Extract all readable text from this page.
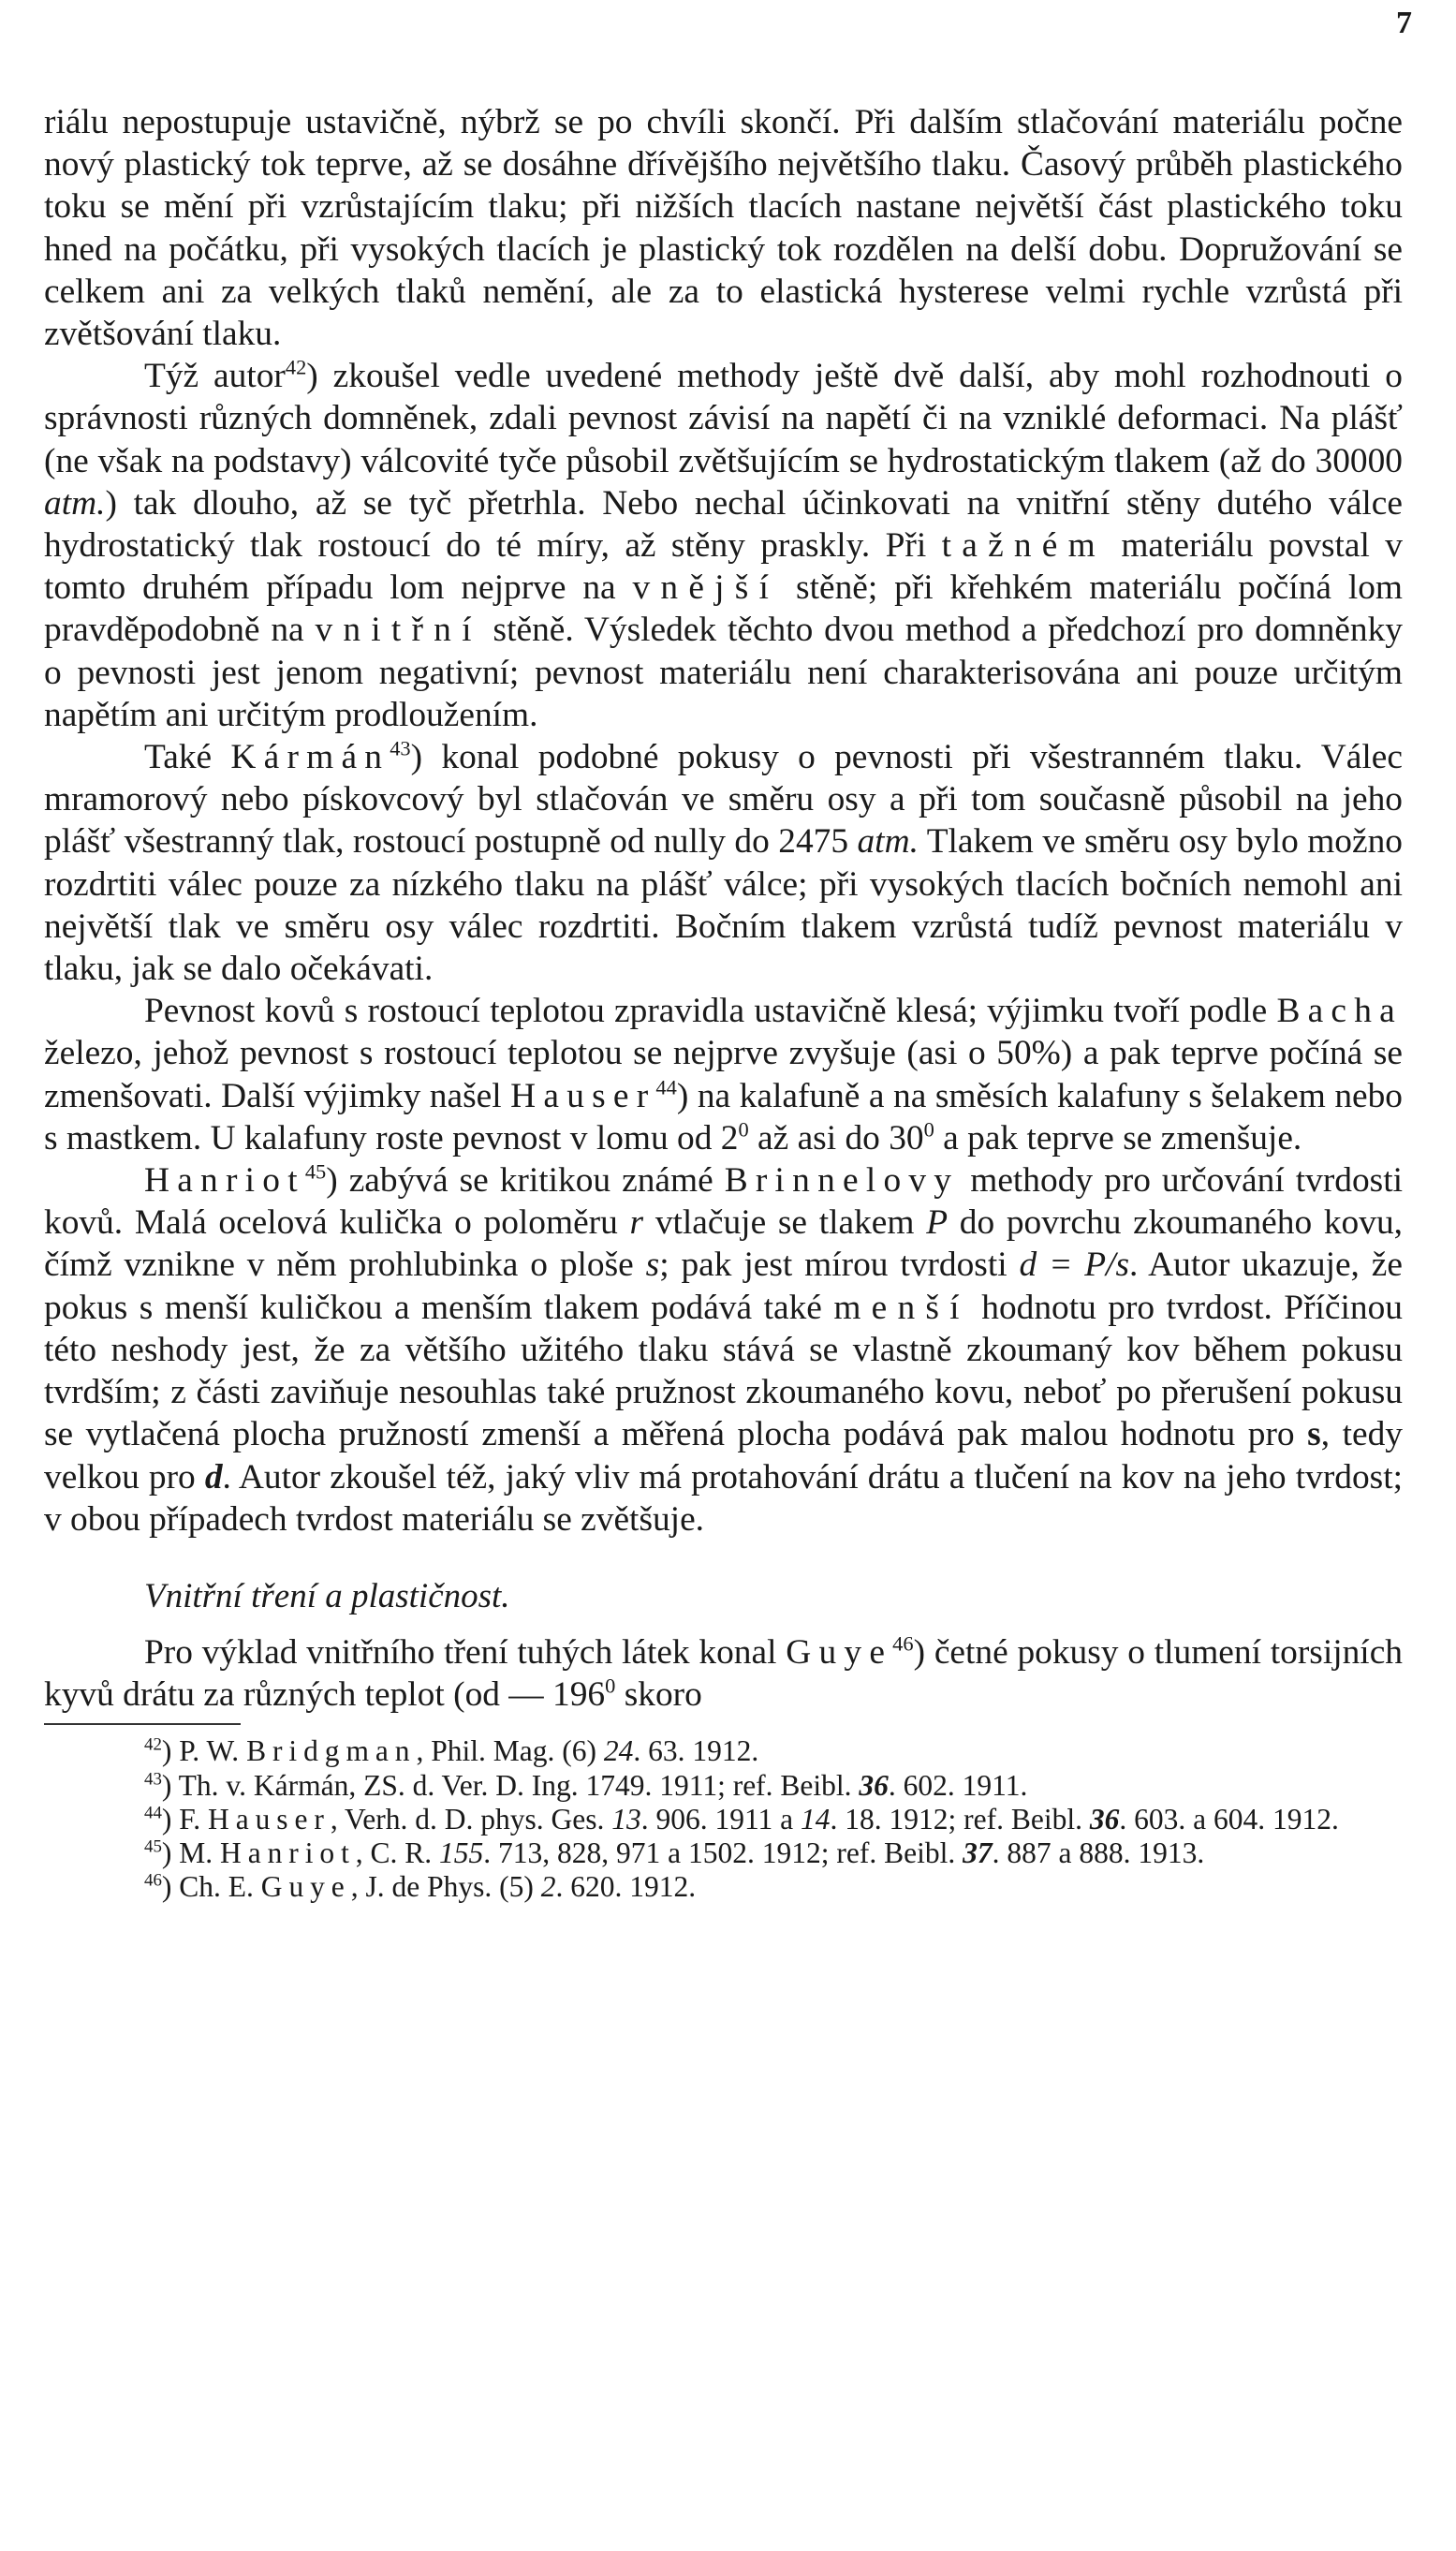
7

riálu nepostupuje ustavičně, nýbrž se po chvíli skončí. Při dalším stlačování materiálu počne nový plastický tok teprve, až se dosáhne dřívějšího největšího tlaku. Časový průběh plastického toku se mění při vzrůstajícím tlaku; při nižších tlacích nastane největší část plastického toku hned na počátku, při vysokých tlacích je plastický tok rozdělen na delší dobu. Dopružování se celkem ani za velkých tlaků nemění, ale za to elastická hysterese velmi rychle vzrůstá při zvětšování tlaku.

Týž autor$^{42}$) zkoušel vedle uvedené methody ještě dvě další, aby mohl rozhodnouti o správnosti různých domněnek, zdali pevnost závisí na napětí či na vzniklé deformaci. Na plášť (ne však na podstavy) válcovité tyče působil zvětšujícím se hydrostatickým tlakem (až do 30000 atm.) tak dlouho, až se tyč přetrhla. Nebo nechal účinkovati na vnitřní stěny dutého válce hydrostatický tlak rostoucí do té míry, až stěny praskly. Při tažném materiálu povstal v tomto druhém případu lom nejprve na vnější stěně; při křehkém materiálu počíná lom pravděpodobně na vnitřní stěně. Výsledek těchto dvou method a předchozí pro domněnky o pevnosti jest jenom negativní; pevnost materiálu není charakterisována ani pouze určitým napětím ani určitým prodloužením.

Také Kármán$^{43}$) konal podobné pokusy o pevnosti při všestranném tlaku. Válec mramorový nebo pískovcový byl stlačován ve směru osy a při tom současně působil na jeho plášť všestranný tlak, rostoucí postupně od nully do 2475 atm. Tlakem ve směru osy bylo možno rozdrtiti válec pouze za nízkého tlaku na plášť válce; při vysokých tlacích bočních nemohl ani největší tlak ve směru osy válec rozdrtiti. Bočním tlakem vzrůstá tudíž pevnost materiálu v tlaku, jak se dalo očekávati.

Pevnost kovů s rostoucí teplotou zpravidla ustavičně klesá; výjimku tvoří podle Bacha železo, jehož pevnost s rostoucí teplotou se nejprve zvyšuje (asi o 50%) a pak teprve počíná se zmenšovati. Další výjimky našel Hauser$^{44}$) na kalafuně a na směsích kalafuny s šelakem nebo s mastkem. U kalafuny roste pevnost v lomu od $2^0$ až asi do $30^0$ a pak teprve se zmenšuje.

Hanriot$^{45}$) zabývá se kritikou známé Brinnelovy methody pro určování tvrdosti kovů. Malá ocelová kulička o poloměru r vtlačuje se tlakem P do povrchu zkoumaného kovu, čímž vznikne v něm prohlubinka o ploše s; pak jest mírou tvrdosti d = P/s. Autor ukazuje, že pokus s menší kuličkou a menším tlakem podává také menší hodnotu pro tvrdost. Příčinou této neshody jest, že za většího užitého tlaku stává se vlastně zkoumaný kov během pokusu tvrdším; z části zaviňuje nesouhlas také pružnost zkoumaného kovu, neboť po přerušení pokusu se vytlačená plocha pružností zmenší a měřená plocha podává pak malou hodnotu pro s, tedy velkou pro d. Autor zkoušel též, jaký vliv má protahování drátu a tlučení na kov na jeho tvrdost; v obou případech tvrdost materiálu se zvětšuje.

Vnitřní tření a plastičnost.

Pro výklad vnitřního tření tuhých látek konal Guye$^{46}$) četné pokusy o tlumení torsijních kyvů drátu za různých teplot (od — $196^0$ skoro

$^{42}$) P. W. Bridgman, Phil. Mag. (6) 24. 63. 1912.

$^{43}$) Th. v. Kármán, ZS. d. Ver. D. Ing. 1749. 1911; ref. Beibl. 36. 602. 1911.

$^{44}$) F. Hauser, Verh. d. D. phys. Ges. 13. 906. 1911 a 14. 18. 1912; ref. Beibl. 36. 603. a 604. 1912.

$^{45}$) M. Hanriot, C. R. 155. 713, 828, 971 a 1502. 1912; ref. Beibl. 37. 887 a 888. 1913.

$^{46}$) Ch. E. Guye, J. de Phys. (5) 2. 620. 1912.
